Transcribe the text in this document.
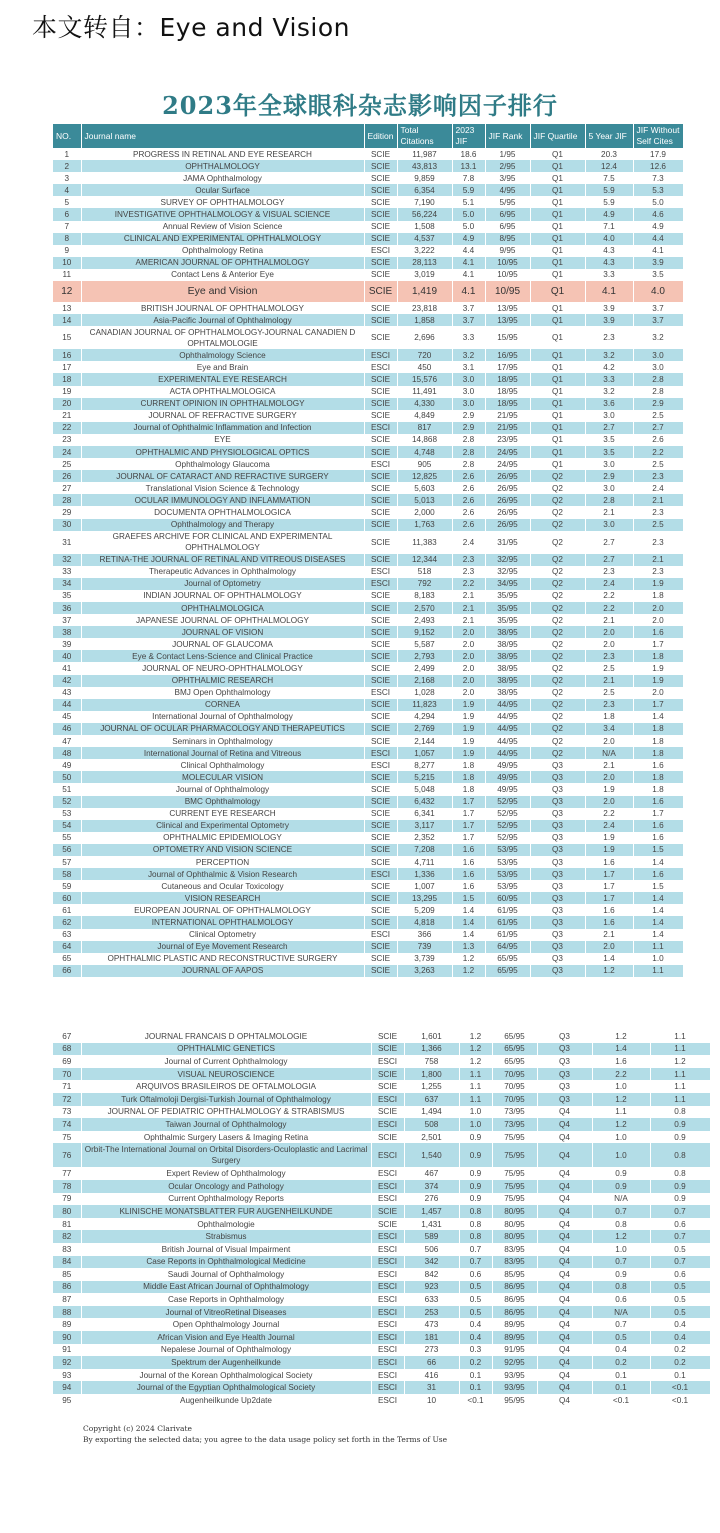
本文转自：Eye and Vision
2023年全球眼科杂志影响因子排行
NO.	Journal name	Edition	Total Citations	2023 JIF	JIF Rank	JIF Quartile	5 Year JIF	JIF Without Self Cites
1	PROGRESS IN RETINAL AND EYE RESEARCH	SCIE	11,987	18.6	1/95	Q1	20.3	17.9
2	OPHTHALMOLOGY	SCIE	43,813	13.1	2/95	Q1	12.4	12.6
3	JAMA Ophthalmology	SCIE	9,859	7.8	3/95	Q1	7.5	7.3
4	Ocular Surface	SCIE	6,354	5.9	4/95	Q1	5.9	5.3
5	SURVEY OF OPHTHALMOLOGY	SCIE	7,190	5.1	5/95	Q1	5.9	5.0
6	INVESTIGATIVE OPHTHALMOLOGY & VISUAL SCIENCE	SCIE	56,224	5.0	6/95	Q1	4.9	4.6
7	Annual Review of Vision Science	SCIE	1,508	5.0	6/95	Q1	7.1	4.9
8	CLINICAL AND EXPERIMENTAL OPHTHALMOLOGY	SCIE	4,537	4.9	8/95	Q1	4.0	4.4
9	Ophthalmology Retina	ESCI	3,222	4.4	9/95	Q1	4.3	4.1
10	AMERICAN JOURNAL OF OPHTHALMOLOGY	SCIE	28,113	4.1	10/95	Q1	4.3	3.9
11	Contact Lens & Anterior Eye	SCIE	3,019	4.1	10/95	Q1	3.3	3.5
12	Eye and Vision	SCIE	1,419	4.1	10/95	Q1	4.1	4.0
13	BRITISH JOURNAL OF OPHTHALMOLOGY	SCIE	23,818	3.7	13/95	Q1	3.9	3.7
14	Asia-Pacific Journal of Ophthalmology	SCIE	1,858	3.7	13/95	Q1	3.9	3.7
15	CANADIAN JOURNAL OF OPHTHALMOLOGY-JOURNAL CANADIEN D OPHTALMOLOGIE	SCIE	2,696	3.3	15/95	Q1	2.3	3.2
16	Ophthalmology Science	ESCI	720	3.2	16/95	Q1	3.2	3.0
17	Eye and Brain	ESCI	450	3.1	17/95	Q1	4.2	3.0
18	EXPERIMENTAL EYE RESEARCH	SCIE	15,576	3.0	18/95	Q1	3.3	2.8
19	ACTA OPHTHALMOLOGICA	SCIE	11,491	3.0	18/95	Q1	3.2	2.8
20	CURRENT OPINION IN OPHTHALMOLOGY	SCIE	4,330	3.0	18/95	Q1	3.6	2.9
21	JOURNAL OF REFRACTIVE SURGERY	SCIE	4,849	2.9	21/95	Q1	3.0	2.5
22	Journal of Ophthalmic Inflammation and Infection	ESCI	817	2.9	21/95	Q1	2.7	2.7
23	EYE	SCIE	14,868	2.8	23/95	Q1	3.5	2.6
24	OPHTHALMIC AND PHYSIOLOGICAL OPTICS	SCIE	4,748	2.8	24/95	Q1	3.5	2.2
25	Ophthalmology Glaucoma	ESCI	905	2.8	24/95	Q1	3.0	2.5
26	JOURNAL OF CATARACT AND REFRACTIVE SURGERY	SCIE	12,825	2.6	26/95	Q2	2.9	2.3
27	Translational Vision Science & Technology	SCIE	5,603	2.6	26/95	Q2	3.0	2.4
28	OCULAR IMMUNOLOGY AND INFLAMMATION	SCIE	5,013	2.6	26/95	Q2	2.8	2.1
29	DOCUMENTA OPHTHALMOLOGICA	SCIE	2,000	2.6	26/95	Q2	2.1	2.3
30	Ophthalmology and Therapy	SCIE	1,763	2.6	26/95	Q2	3.0	2.5
31	GRAEFES ARCHIVE FOR CLINICAL AND EXPERIMENTAL OPHTHALMOLOGY	SCIE	11,383	2.4	31/95	Q2	2.7	2.3
32	RETINA-THE JOURNAL OF RETINAL AND VITREOUS DISEASES	SCIE	12,344	2.3	32/95	Q2	2.7	2.1
33	Therapeutic Advances in Ophthalmology	ESCI	518	2.3	32/95	Q2	2.3	2.3
34	Journal of Optometry	ESCI	792	2.2	34/95	Q2	2.4	1.9
35	INDIAN JOURNAL OF OPHTHALMOLOGY	SCIE	8,183	2.1	35/95	Q2	2.2	1.8
36	OPHTHALMOLOGICA	SCIE	2,570	2.1	35/95	Q2	2.2	2.0
37	JAPANESE JOURNAL OF OPHTHALMOLOGY	SCIE	2,493	2.1	35/95	Q2	2.1	2.0
38	JOURNAL OF VISION	SCIE	9,152	2.0	38/95	Q2	2.0	1.6
39	JOURNAL OF GLAUCOMA	SCIE	5,587	2.0	38/95	Q2	2.0	1.7
40	Eye & Contact Lens-Science and Clinical Practice	SCIE	2,793	2.0	38/95	Q2	2.3	1.8
41	JOURNAL OF NEURO-OPHTHALMOLOGY	SCIE	2,499	2.0	38/95	Q2	2.5	1.9
42	OPHTHALMIC RESEARCH	SCIE	2,168	2.0	38/95	Q2	2.1	1.9
43	BMJ Open Ophthalmology	ESCI	1,028	2.0	38/95	Q2	2.5	2.0
44	CORNEA	SCIE	11,823	1.9	44/95	Q2	2.3	1.7
45	International Journal of Ophthalmology	SCIE	4,294	1.9	44/95	Q2	1.8	1.4
46	JOURNAL OF OCULAR PHARMACOLOGY AND THERAPEUTICS	SCIE	2,769	1.9	44/95	Q2	3.4	1.8
47	Seminars in Ophthalmology	SCIE	2,144	1.9	44/95	Q2	2.0	1.8
48	International Journal of Retina and Vitreous	ESCI	1,057	1.9	44/95	Q2	N/A	1.8
49	Clinical Ophthalmology	ESCI	8,277	1.8	49/95	Q3	2.1	1.6
50	MOLECULAR VISION	SCIE	5,215	1.8	49/95	Q3	2.0	1.8
51	Journal of Ophthalmology	SCIE	5,048	1.8	49/95	Q3	1.9	1.8
52	BMC Ophthalmology	SCIE	6,432	1.7	52/95	Q3	2.0	1.6
53	CURRENT EYE RESEARCH	SCIE	6,341	1.7	52/95	Q3	2.2	1.7
54	Clinical and Experimental Optometry	SCIE	3,117	1.7	52/95	Q3	2.4	1.6
55	OPHTHALMIC EPIDEMIOLOGY	SCIE	2,352	1.7	52/95	Q3	1.9	1.6
56	OPTOMETRY AND VISION SCIENCE	SCIE	7,208	1.6	53/95	Q3	1.9	1.5
57	PERCEPTION	SCIE	4,711	1.6	53/95	Q3	1.6	1.4
58	Journal of Ophthalmic & Vision Research	ESCI	1,336	1.6	53/95	Q3	1.7	1.6
59	Cutaneous and Ocular Toxicology	SCIE	1,007	1.6	53/95	Q3	1.7	1.5
60	VISION RESEARCH	SCIE	13,295	1.5	60/95	Q3	1.7	1.4
61	EUROPEAN JOURNAL OF OPHTHALMOLOGY	SCIE	5,209	1.4	61/95	Q3	1.6	1.4
62	INTERNATIONAL OPHTHALMOLOGY	SCIE	4,818	1.4	61/95	Q3	1.6	1.4
63	Clinical Optometry	ESCI	366	1.4	61/95	Q3	2.1	1.4
64	Journal of Eye Movement Research	SCIE	739	1.3	64/95	Q3	2.0	1.1
65	OPHTHALMIC PLASTIC AND RECONSTRUCTIVE SURGERY	SCIE	3,739	1.2	65/95	Q3	1.4	1.0
66	JOURNAL OF AAPOS	SCIE	3,263	1.2	65/95	Q3	1.2	1.1
67	JOURNAL FRANCAIS D OPHTALMOLOGIE	SCIE	1,601	1.2	65/95	Q3	1.2	1.1
68	OPHTHALMIC GENETICS	SCIE	1,366	1.2	65/95	Q3	1.4	1.1
69	Journal of Current Ophthalmology	ESCI	758	1.2	65/95	Q3	1.6	1.2
70	VISUAL NEUROSCIENCE	SCIE	1,800	1.1	70/95	Q3	2.2	1.1
71	ARQUIVOS BRASILEIROS DE OFTALMOLOGIA	SCIE	1,255	1.1	70/95	Q3	1.0	1.1
72	Turk Oftalmoloji Dergisi-Turkish Journal of Ophthalmology	ESCI	637	1.1	70/95	Q3	1.2	1.1
73	JOURNAL OF PEDIATRIC OPHTHALMOLOGY & STRABISMUS	SCIE	1,494	1.0	73/95	Q4	1.1	0.8
74	Taiwan Journal of Ophthalmology	ESCI	508	1.0	73/95	Q4	1.2	0.9
75	Ophthalmic Surgery Lasers & Imaging Retina	SCIE	2,501	0.9	75/95	Q4	1.0	0.9
76	Orbit-The International Journal on Orbital Disorders-Oculoplastic and Lacrimal Surgery	ESCI	1,540	0.9	75/95	Q4	1.0	0.8
77	Expert Review of Ophthalmology	ESCI	467	0.9	75/95	Q4	0.9	0.8
78	Ocular Oncology and Pathology	ESCI	374	0.9	75/95	Q4	0.9	0.9
79	Current Ophthalmology Reports	ESCI	276	0.9	75/95	Q4	N/A	0.9
80	KLINISCHE MONATSBLATTER FUR AUGENHEILKUNDE	SCIE	1,457	0.8	80/95	Q4	0.7	0.7
81	Ophthalmologie	SCIE	1,431	0.8	80/95	Q4	0.8	0.6
82	Strabismus	ESCI	589	0.8	80/95	Q4	1.2	0.7
83	British Journal of Visual Impairment	ESCI	506	0.7	83/95	Q4	1.0	0.5
84	Case Reports in Ophthalmological Medicine	ESCI	342	0.7	83/95	Q4	0.7	0.7
85	Saudi Journal of Ophthalmology	ESCI	842	0.6	85/95	Q4	0.9	0.6
86	Middle East African Journal of Ophthalmology	ESCI	923	0.5	86/95	Q4	0.8	0.5
87	Case Reports in Ophthalmology	ESCI	633	0.5	86/95	Q4	0.6	0.5
88	Journal of VitreoRetinal Diseases	ESCI	253	0.5	86/95	Q4	N/A	0.5
89	Open Ophthalmology Journal	ESCI	473	0.4	89/95	Q4	0.7	0.4
90	African Vision and Eye Health Journal	ESCI	181	0.4	89/95	Q4	0.5	0.4
91	Nepalese Journal of Ophthalmology	ESCI	273	0.3	91/95	Q4	0.4	0.2
92	Spektrum der Augenheilkunde	ESCI	66	0.2	92/95	Q4	0.2	0.2
93	Journal of the Korean Ophthalmological Society	ESCI	416	0.1	93/95	Q4	0.1	0.1
94	Journal of the Egyptian Ophthalmological Society	ESCI	31	0.1	93/95	Q4	0.1	<0.1
95	Augenheilkunde Up2date	ESCI	10	<0.1	95/95	Q4	<0.1	<0.1
Copyright (c) 2024 Clarivate
By exporting the selected data; you agree to the data usage policy set forth in the Terms of Use
